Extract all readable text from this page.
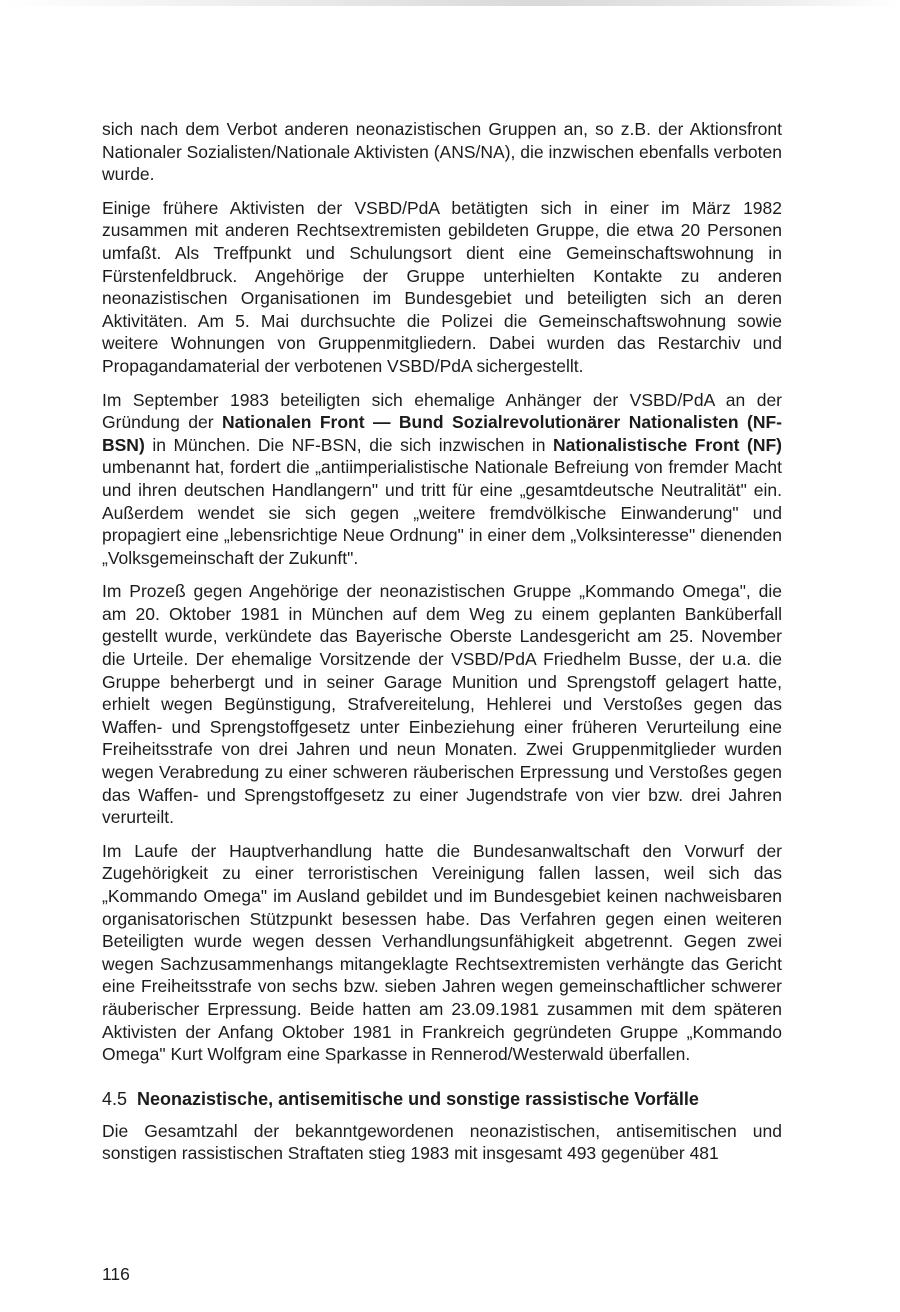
sich nach dem Verbot anderen neonazistischen Gruppen an, so z.B. der Aktionsfront Nationaler Sozialisten/Nationale Aktivisten (ANS/NA), die inzwischen ebenfalls verboten wurde.

Einige frühere Aktivisten der VSBD/PdA betätigten sich in einer im März 1982 zusammen mit anderen Rechtsextremisten gebildeten Gruppe, die etwa 20 Personen umfaßt. Als Treffpunkt und Schulungsort dient eine Gemeinschaftswohnung in Fürstenfeldbruck. Angehörige der Gruppe unterhielten Kontakte zu anderen neonazistischen Organisationen im Bundesgebiet und beteiligten sich an deren Aktivitäten. Am 5. Mai durchsuchte die Polizei die Gemeinschaftswohnung sowie weitere Wohnungen von Gruppenmitgliedern. Dabei wurden das Restarchiv und Propagandamaterial der verbotenen VSBD/PdA sichergestellt.

Im September 1983 beteiligten sich ehemalige Anhänger der VSBD/PdA an der Gründung der Nationalen Front — Bund Sozialrevolutionärer Nationalisten (NF-BSN) in München. Die NF-BSN, die sich inzwischen in Nationalistische Front (NF) umbenannt hat, fordert die „antiimperialistische Nationale Befreiung von fremder Macht und ihren deutschen Handlangern" und tritt für eine „gesamtdeutsche Neutralität" ein. Außerdem wendet sie sich gegen „weitere fremdvölkische Einwanderung" und propagiert eine „lebensrichtige Neue Ordnung" in einer dem „Volksinteresse" dienenden „Volksgemeinschaft der Zukunft".

Im Prozeß gegen Angehörige der neonazistischen Gruppe „Kommando Omega", die am 20. Oktober 1981 in München auf dem Weg zu einem geplanten Banküberfall gestellt wurde, verkündete das Bayerische Oberste Landesgericht am 25. November die Urteile. Der ehemalige Vorsitzende der VSBD/PdA Friedhelm Busse, der u.a. die Gruppe beherbergt und in seiner Garage Munition und Sprengstoff gelagert hatte, erhielt wegen Begünstigung, Strafvereitelung, Hehlerei und Verstoßes gegen das Waffen- und Sprengstoffgesetz unter Einbeziehung einer früheren Verurteilung eine Freiheitsstrafe von drei Jahren und neun Monaten. Zwei Gruppenmitglieder wurden wegen Verabredung zu einer schweren räuberischen Erpressung und Verstoßes gegen das Waffen- und Sprengstoffgesetz zu einer Jugendstrafe von vier bzw. drei Jahren verurteilt.

Im Laufe der Hauptverhandlung hatte die Bundesanwaltschaft den Vorwurf der Zugehörigkeit zu einer terroristischen Vereinigung fallen lassen, weil sich das „Kommando Omega" im Ausland gebildet und im Bundesgebiet keinen nachweisbaren organisatorischen Stützpunkt besessen habe. Das Verfahren gegen einen weiteren Beteiligten wurde wegen dessen Verhandlungsunfähigkeit abgetrennt. Gegen zwei wegen Sachzusammenhangs mitangeklagte Rechtsextremisten verhängte das Gericht eine Freiheitsstrafe von sechs bzw. sieben Jahren wegen gemeinschaftlicher schwerer räuberischer Erpressung. Beide hatten am 23.09.1981 zusammen mit dem späteren Aktivisten der Anfang Oktober 1981 in Frankreich gegründeten Gruppe „Kommando Omega" Kurt Wolfgram eine Sparkasse in Rennerod/Westerwald überfallen.

4.5 Neonazistische, antisemitische und sonstige rassistische Vorfälle

Die Gesamtzahl der bekanntgewordenen neonazistischen, antisemitischen und sonstigen rassistischen Straftaten stieg 1983 mit insgesamt 493 gegenüber 481

116
